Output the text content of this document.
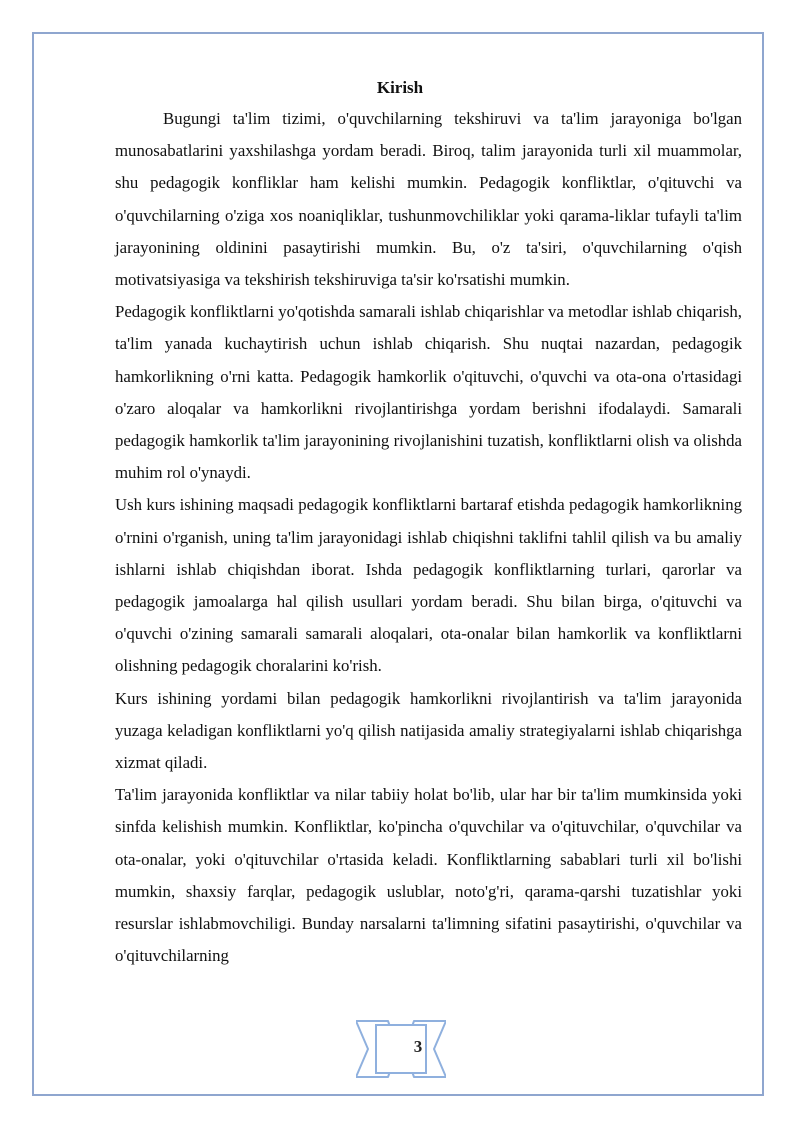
Kirish

Bugungi ta'lim tizimi, o'quvchilarning tekshiruvi va ta'lim jarayoniga bo'lgan munosabatlarini yaxshilashga yordam beradi. Biroq, talim jarayonida turli xil muammolar, shu pedagogik konfliklar ham kelishi mumkin. Pedagogik konfliktlar, o'qituvchi va o'quvchilarning o'ziga xos noaniqliklar, tushunmovchiliklar yoki qarama-liklar tufayli ta'lim jarayonining oldinini pasaytirishi mumkin. Bu, o'z ta'siri, o'quvchilarning o'qish motivatsiyasiga va tekshirish tekshiruviga ta'sir ko'rsatishi mumkin.

Pedagogik konfliktlarni yo'qotishda samarali ishlab chiqarishlar va metodlar ishlab chiqarish, ta'lim yanada kuchaytirish uchun ishlab chiqarish. Shu nuqtai nazardan, pedagogik hamkorlikning o'rni katta. Pedagogik hamkorlik o'qituvchi, o'quvchi va ota-ona o'rtasidagi o'zaro aloqalar va hamkorlikni rivojlantirishga yordam berishni ifodalaydi. Samarali pedagogik hamkorlik ta'lim jarayonining rivojlanishini tuzatish, konfliktlarni olish va olishda muhim rol o'ynaydi.

Ush kurs ishining maqsadi pedagogik konfliktlarni bartaraf etishda pedagogik hamkorlikning o'rnini o'rganish, uning ta'lim jarayonidagi ishlab chiqishni taklifni tahlil qilish va bu amaliy ishlarni ishlab chiqishdan iborat. Ishda pedagogik konfliktlarning turlari, qarorlar va pedagogik jamoalarga hal qilish usullari yordam beradi. Shu bilan birga, o'qituvchi va o'quvchi o'zining samarali samarali aloqalari, ota-onalar bilan hamkorlik va konfliktlarni olishning pedagogik choralarini ko'rish.

Kurs ishining yordami bilan pedagogik hamkorlikni rivojlantirish va ta'lim jarayonida yuzaga keladigan konfliktlarni yo'q qilish natijasida amaliy strategiyalarni ishlab chiqarishga xizmat qiladi.

Ta'lim jarayonida konfliktlar va nilar tabiiy holat bo'lib, ular har bir ta'lim mumkinsida yoki sinfda kelishish mumkin. Konfliktlar, ko'pincha o'quvchilar va o'qituvchilar, o'quvchilar va ota-onalar, yoki o'qituvchilar o'rtasida keladi. Konfliktlarning sabablari turli xil bo'lishi mumkin, shaxsiy farqlar, pedagogik uslublar, noto'g'ri, qarama-qarshi tuzatishlar yoki resurslar ishlabmovchiligi. Bunday narsalarni ta'limning sifatini pasaytirishi, o'quvchilar va o'qituvchilarning

3
